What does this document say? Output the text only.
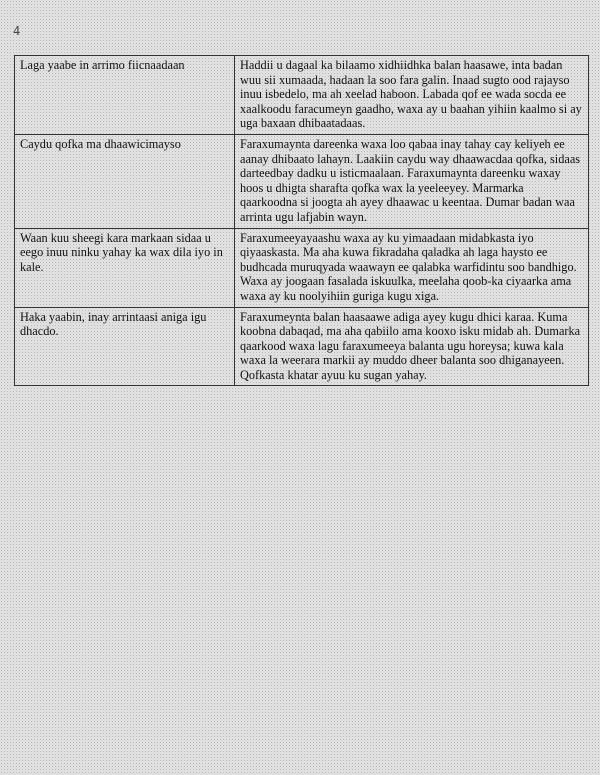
4
Laga yaabe in arrimo fiicnaadaan	Haddii u dagaal ka bilaamo xidhiidhka balan haasawe, inta badan wuu sii xumaada, hadaan la soo fara galin. Inaad sugto ood rajayso inuu isbedelo, ma ah xeelad haboon. Labada qof ee wada socda ee xaalkoodu faracumeyn gaadho, waxa ay u baahan yihiin kaalmo si ay uga baxaan dhibaatadaas.
Caydu qofka ma dhaawicimayso	Faraxumaynta dareenka waxa loo qabaa inay tahay cay keliyeh ee aanay dhibaato lahayn. Laakiin caydu way dhaawacdaa qofka, sidaas darteedbay dadku u isticmaalaan. Faraxumaynta dareenku waxay hoos u dhigta sharafta qofka wax la yeeleeyey. Marmarka qaarkoodna si joogta ah ayey dhaawac u keentaa. Dumar badan waa arrinta ugu lafjabin wayn.
Waan kuu sheegi kara markaan sidaa u eego inuu ninku yahay ka wax dila iyo in kale.	Faraxumeeyayaashu waxa ay ku yimaadaan midabkasta iyo qiyaaskasta. Ma aha kuwa fikradaha qaladka ah laga haysto ee budhcada muruqyada waawayn ee qalabka warfidintu soo bandhigo. Waxa ay joogaan fasalada iskuulka, meelaha qoob-ka ciyaarka ama waxa ay ku noolyihiin guriga kugu xiga.
Haka yaabin, inay arrintaasi aniga igu dhacdo.	Faraxumeynta balan haasaawe adiga ayey kugu dhici karaa. Kuma koobna dabaqad, ma aha qabiilo ama kooxo isku midab ah. Dumarka qaarkood waxa lagu faraxumeeya balanta ugu horeysa; kuwa kala waxa la weerara markii ay muddo dheer balanta soo dhiganayeen. Qofkasta khatar ayuu ku sugan yahay.
